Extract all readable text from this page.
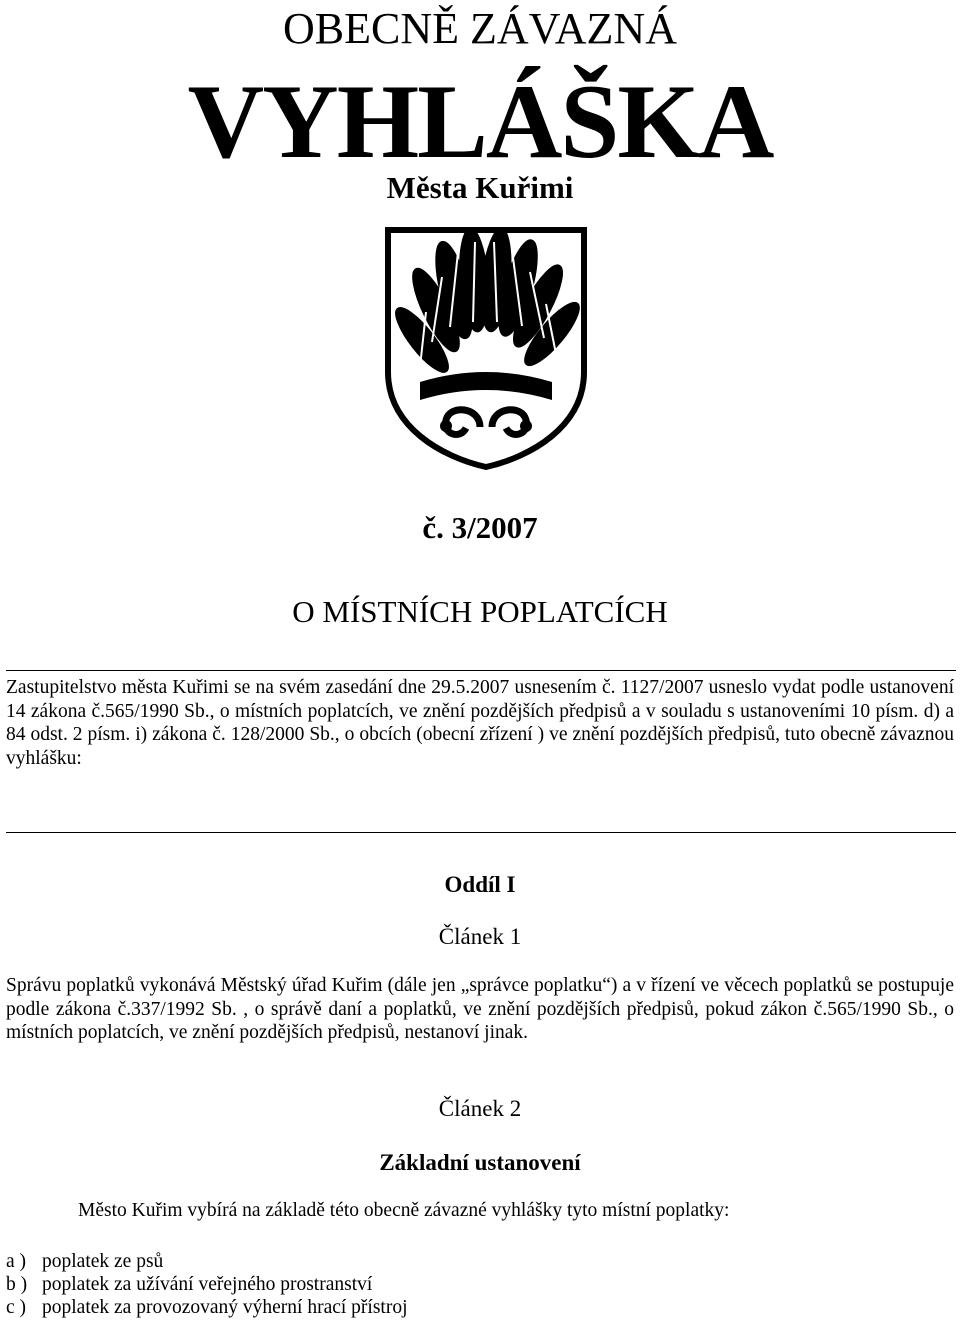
OBECNĚ ZÁVAZNÁ
VYHLÁŠKA
Města Kuřimi
č. 3/2007
O MÍSTNÍCH POPLATCÍCH
Zastupitelstvo města Kuřimi se na svém zasedání dne 29.5.2007 usnesením č. 1127/2007 usneslo vydat podle ustanovení 14 zákona č.565/1990 Sb., o místních poplatcích, ve znění pozdějších předpisů a v souladu s ustanoveními 10 písm. d) a 84 odst. 2 písm. i) zákona č. 128/2000 Sb., o obcích (obecní zřízení ) ve znění pozdějších předpisů, tuto obecně závaznou vyhlášku:
Oddíl I
Článek 1
Správu poplatků vykonává Městský úřad Kuřim (dále jen „správce poplatku“) a v řízení ve věcech poplatků se postupuje podle zákona č.337/1992 Sb. , o správě daní a poplatků, ve znění pozdějších předpisů, pokud zákon č.565/1990 Sb., o místních poplatcích, ve znění pozdějších předpisů, nestanoví jinak.
Článek 2
Základní ustanovení
Město Kuřim vybírá na základě této obecně závazné vyhlášky tyto místní poplatky:
a ) poplatek ze psů
b ) poplatek za užívání veřejného prostranství
c ) poplatek za provozovaný výherní hrací přístroj
